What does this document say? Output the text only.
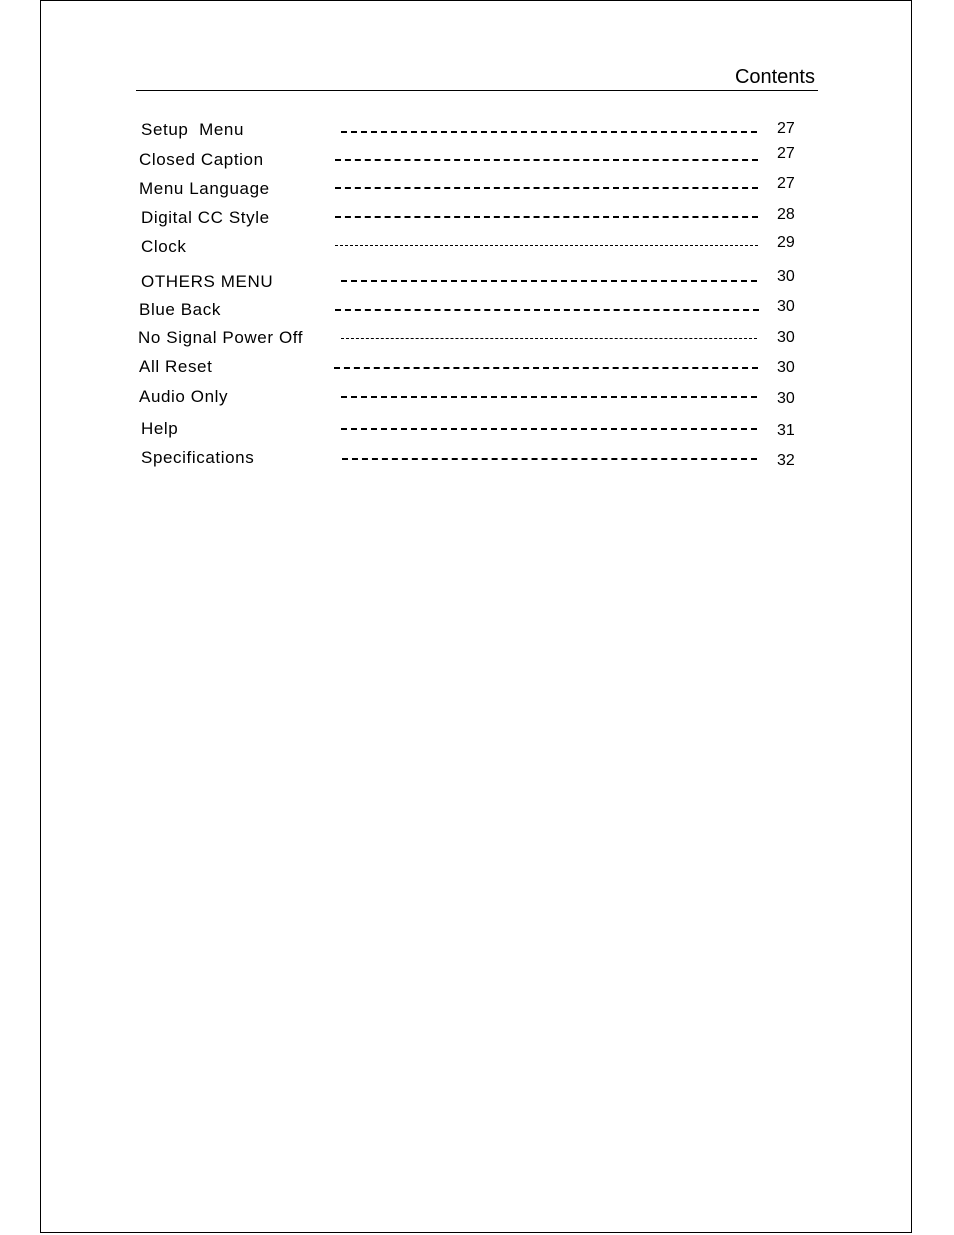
Contents
Setup  Menu	27
Closed Caption	27
Menu Language	27
Digital CC Style	28
Clock	29
OTHERS MENU	30
Blue Back	30
No Signal Power Off	30
All Reset	30
Audio Only	30
Help	31
Specifications	32
